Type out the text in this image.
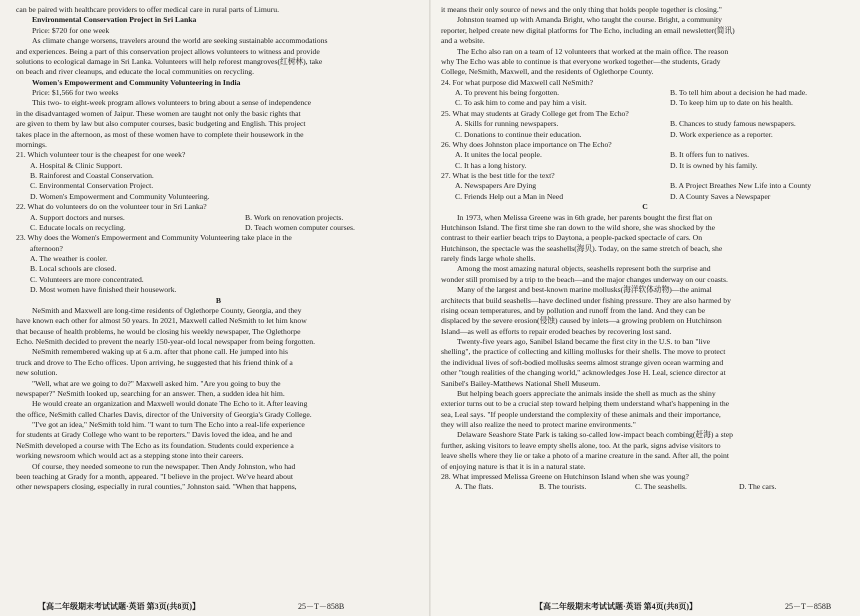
can be paired with healthcare providers to offer medical care in rural parts of Limuru.
Environmental Conservation Project in Sri Lanka
Price: $720 for one week
As climate change worsens, travelers around the world are seeking sustainable accommodations
and experiences. Being a part of this conservation project allows volunteers to witness and provide
solutions to ecological damage in Sri Lanka. Volunteers will help reforest mangroves(红树林), take
on beach and river cleanups, and educate the local communities on recycling.
Women's Empowerment and Community Volunteering in India
Price: $1,566 for two weeks
This two- to eight-week program allows volunteers to bring about a sense of independence
in the disadvantaged women of Jaipur. These women are taught not only the basic rights that
are given to them by law but also computer courses, basic budgeting and English. This project
takes place in the afternoon, as most of these women have to complete their housework in the
mornings.
21. Which volunteer tour is the cheapest for one week?
A. Hospital & Clinic Support.
B. Rainforest and Coastal Conservation.
C. Environmental Conservation Project.
D. Women's Empowerment and Community Volunteering.
22. What do volunteers do on the volunteer tour in Sri Lanka?
A. Support doctors and nurses.	B. Work on renovation projects.
C. Educate locals on recycling.	D. Teach women computer courses.
23. Why does the Women's Empowerment and Community Volunteering take place in the
afternoon?
A. The weather is cooler.
B. Local schools are closed.
C. Volunteers are more concentrated.
D. Most women have finished their housework.
B
NeSmith and Maxwell are long-time residents of Oglethorpe County, Georgia, and they
have known each other for almost 50 years. In 2021, Maxwell called NeSmith to let him know
that because of health problems, he would be closing his weekly newspaper, The Oglethorpe
Echo. NeSmith decided to prevent the nearly 150-year-old local newspaper from being forgotten.
NeSmith remembered waking up at 6 a.m. after that phone call. He jumped into his
truck and drove to The Echo offices. Upon arriving, he suggested that his friend think of a
new solution.
"Well, what are we going to do?" Maxwell asked him. "Are you going to buy the
newspaper?" NeSmith looked up, searching for an answer. Then, a sudden idea hit him.
He would create an organization and Maxwell would donate The Echo to it. After leaving
the office, NeSmith called Charles Davis, director of the University of Georgia's Grady College.
"I've got an idea," NeSmith told him. "I want to turn The Echo into a real-life experience
for students at Grady College who want to be reporters." Davis loved the idea, and he and
NeSmith developed a course with The Echo as its foundation. Students could experience a
working newsroom which would act as a stepping stone into their careers.
Of course, they needed someone to run the newspaper. Then Andy Johnston, who had
been teaching at Grady for a month, appeared. "I believe in the project. We've heard about
other newspapers closing, especially in rural counties," Johnston said. "When that happens,
【高二年级期末考试试题·英语 第3页(共8页)】	25－T－858B
it means their only source of news and the only thing that holds people together is closing."
Johnston teamed up with Amanda Bright, who taught the course. Bright, a community
reporter, helped create new digital platforms for The Echo, including an email newsletter(简讯)
and a website.
The Echo also ran on a team of 12 volunteers that worked at the main office. The reason
why The Echo was able to continue is that everyone worked together—the students, Grady
College, NeSmith, Maxwell, and the residents of Oglethorpe County.
24. For what purpose did Maxwell call NeSmith?
A. To prevent his being forgotten.	B. To tell him about a decision he had made.
C. To ask him to come and pay him a visit.	D. To keep him up to date on his health.
25. What may students at Grady College get from The Echo?
A. Skills for running newspapers.	B. Chances to study famous newspapers.
C. Donations to continue their education.	D. Work experience as a reporter.
26. Why does Johnston place importance on The Echo?
A. It unites the local people.	B. It offers fun to natives.
C. It has a long history.	D. It is owned by his family.
27. What is the best title for the text?
A. Newspapers Are Dying	B. A Project Breathes New Life into a County
C. Friends Help out a Man in Need	D. A County Saves a Newspaper
C
In 1973, when Melissa Greene was in 6th grade, her parents bought the first flat on
Hutchinson Island. The first time she ran down to the wild shore, she was shocked by the
contrast to their earlier beach trips to Daytona, a people-packed spectacle of cars. On
Hutchinson, the spectacle was the seashells(海贝). Today, on the same stretch of beach, she
rarely finds large whole shells.
Among the most amazing natural objects, seashells represent both the surprise and
wonder still promised by a trip to the beach—and the major changes underway on our coasts.
Many of the largest and best-known marine mollusks(海洋软体动物)—the animal
architects that build seashells—have declined under fishing pressure. They are also harmed by
rising ocean temperatures, and by pollution and runoff from the land. And they can be
displaced by the severe erosion(侵蚀) caused by inlets—a growing problem on Hutchinson
Island—as well as efforts to repair eroded beaches by recovering lost sand.
Twenty-five years ago, Sanibel Island became the first city in the U.S. to ban "live
shelling", the practice of collecting and killing mollusks for their shells. The move to protect
the individual lives of soft-bodied mollusks seems almost strange given ocean warming and
other "tough realities of the changing world," acknowledges Jose H. Leal, science director at
Sanibel's Bailey-Matthews National Shell Museum.
But helping beach goers appreciate the animals inside the shell as much as the shiny
exterior turns out to be a crucial step toward helping them understand what's happening in the
sea, Leal says. "If people understand the complexity of these animals and their importance,
they will also realize the need to protect marine environments."
Delaware Seashore State Park is taking so-called low-impact beach combing(赶海) a step
further, asking visitors to leave empty shells alone, too. At the park, signs advise visitors to
leave shells where they lie or take a photo of a marine creature in the sand. After all, the point
of enjoying nature is that it is in a natural state.
28. What impressed Melissa Greene on Hutchinson Island when she was young?
A. The flats.	B. The tourists.	C. The seashells.	D. The cars.
【高二年级期末考试试题·英语 第4页(共8页)】	25－T－858B
